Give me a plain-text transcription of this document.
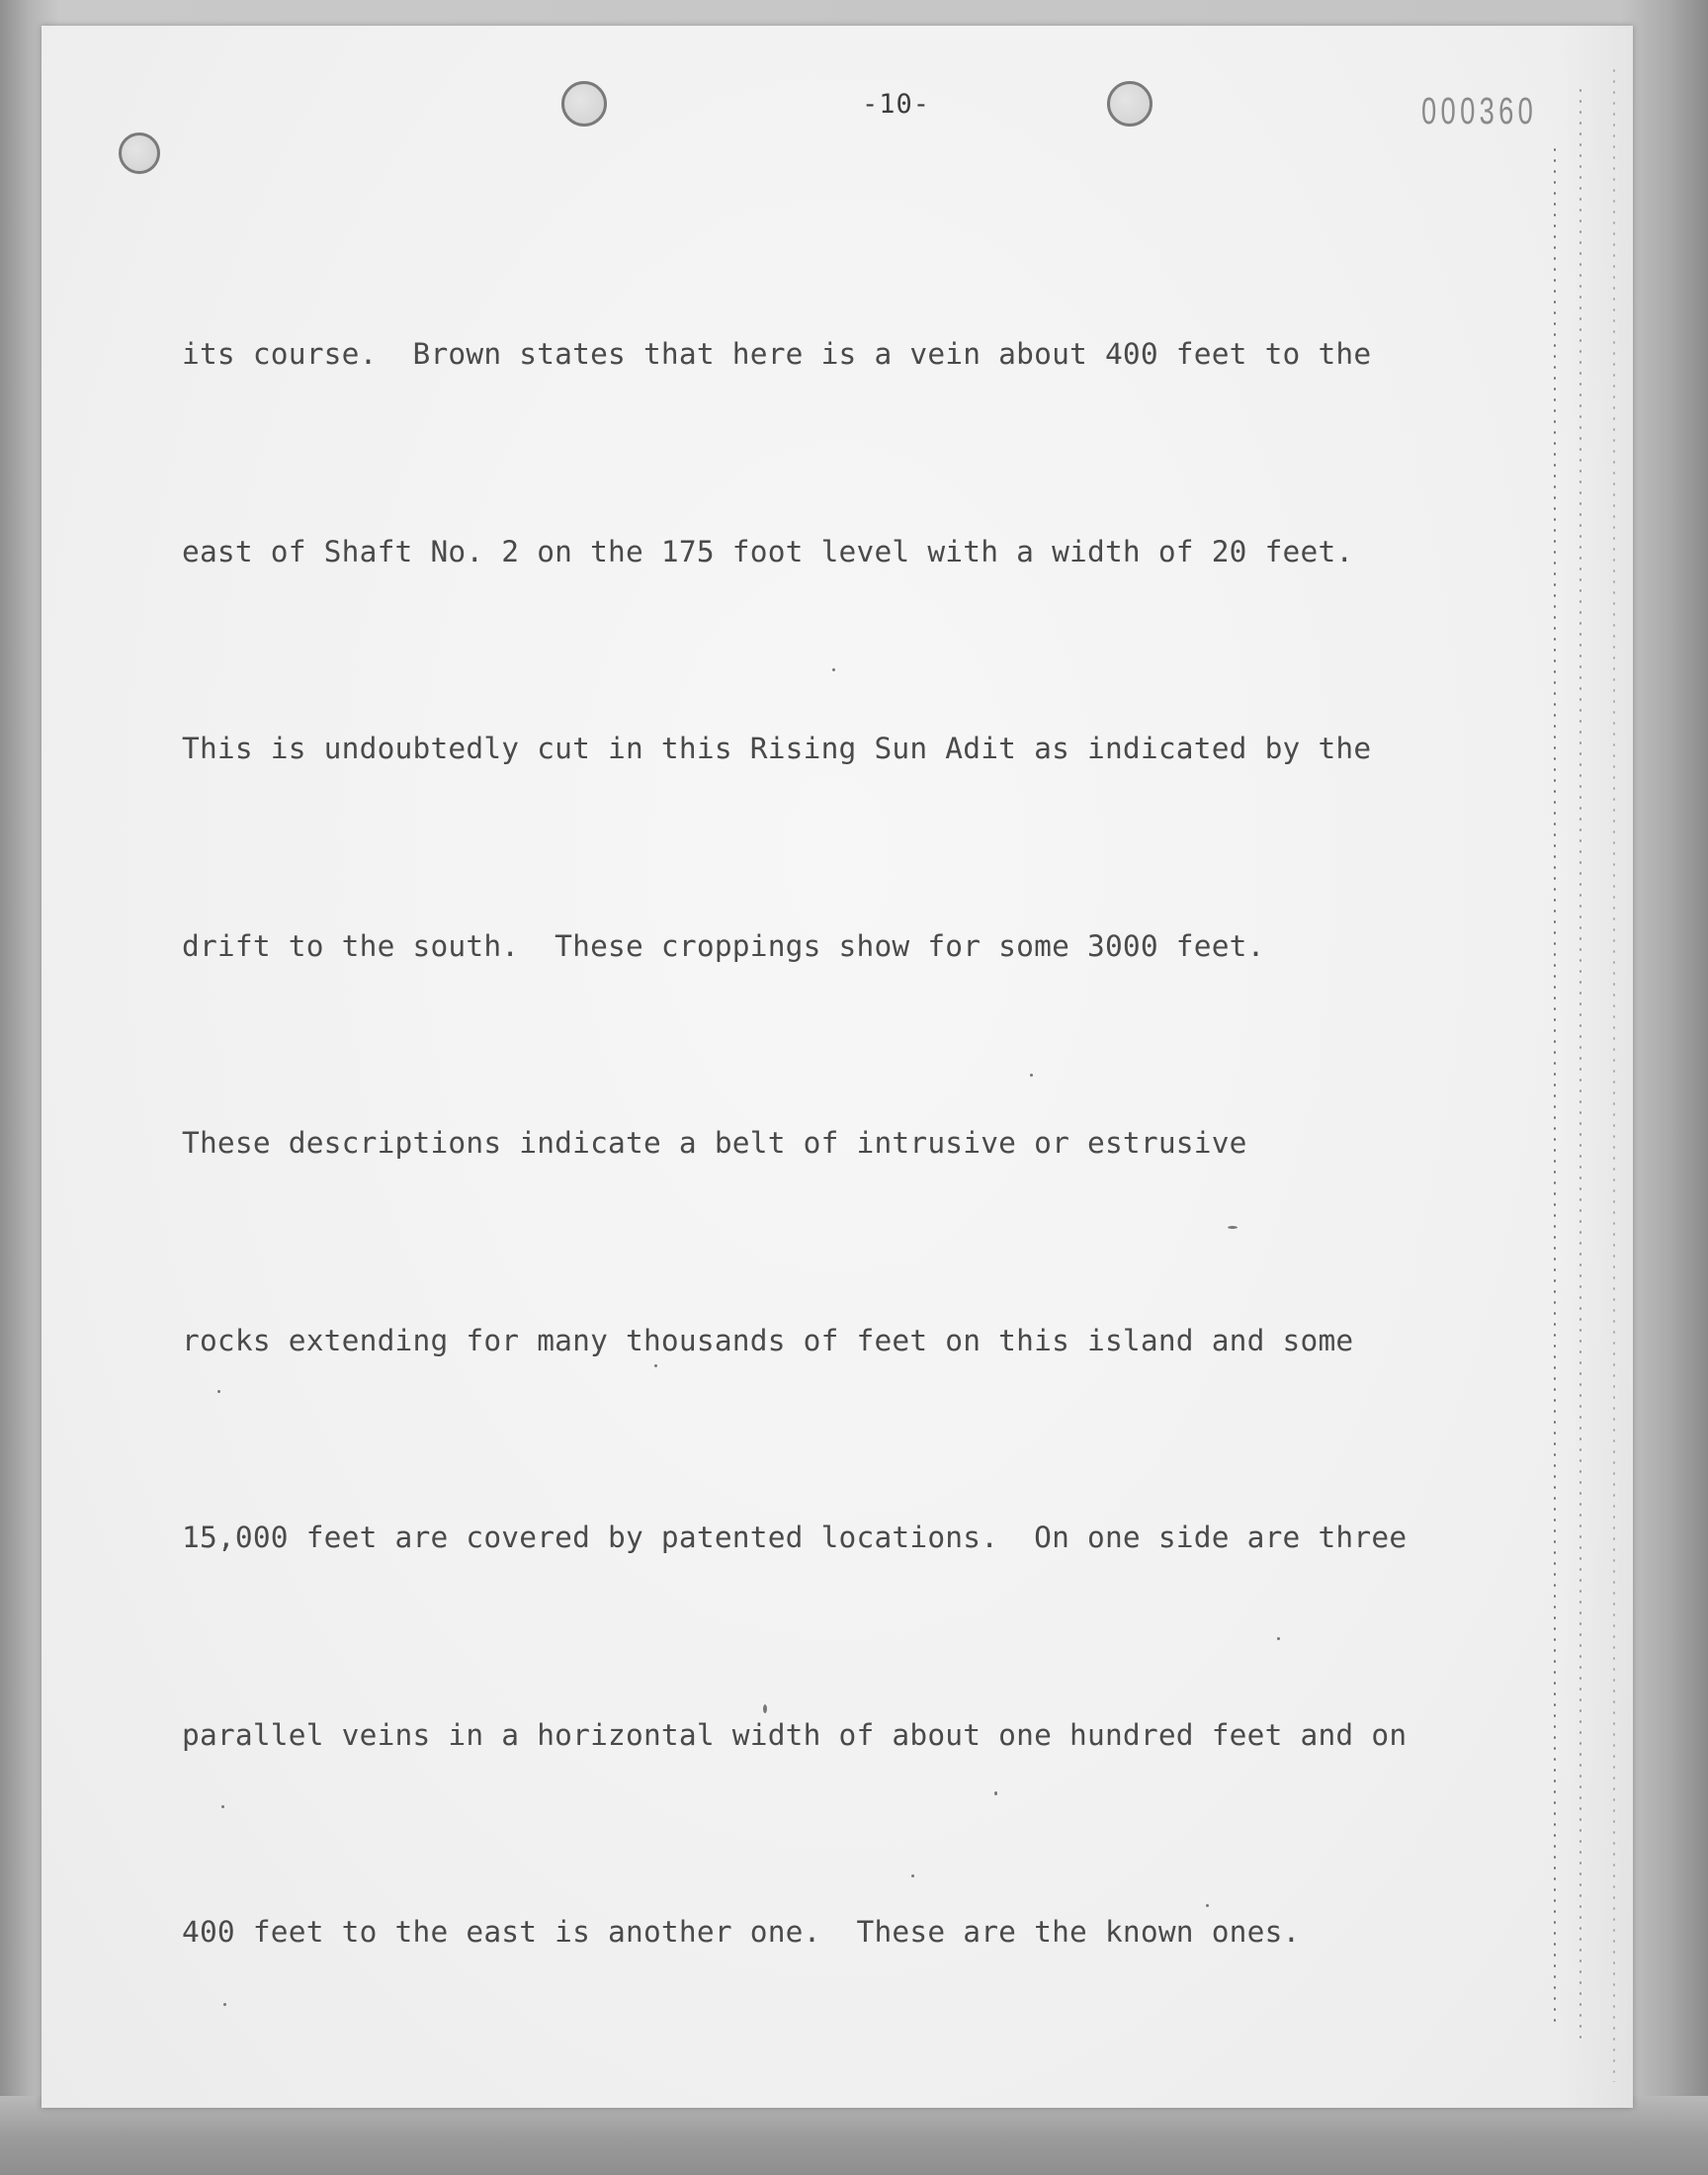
-10-	000360

its course.  Brown states that here is a vein about 400 feet to the

east of Shaft No. 2 on the 175 foot level with a width of 20 feet.

This is undoubtedly cut in this Rising Sun Adit as indicated by the

drift to the south.  These croppings show for some 3000 feet.

These descriptions indicate a belt of intrusive or estrusive

rocks extending for many thousands of feet on this island and some

15,000 feet are covered by patented locations.  On one side are three

parallel veins in a horizontal width of about one hundred feet and on

400 feet to the east is another one.  These are the known ones.
